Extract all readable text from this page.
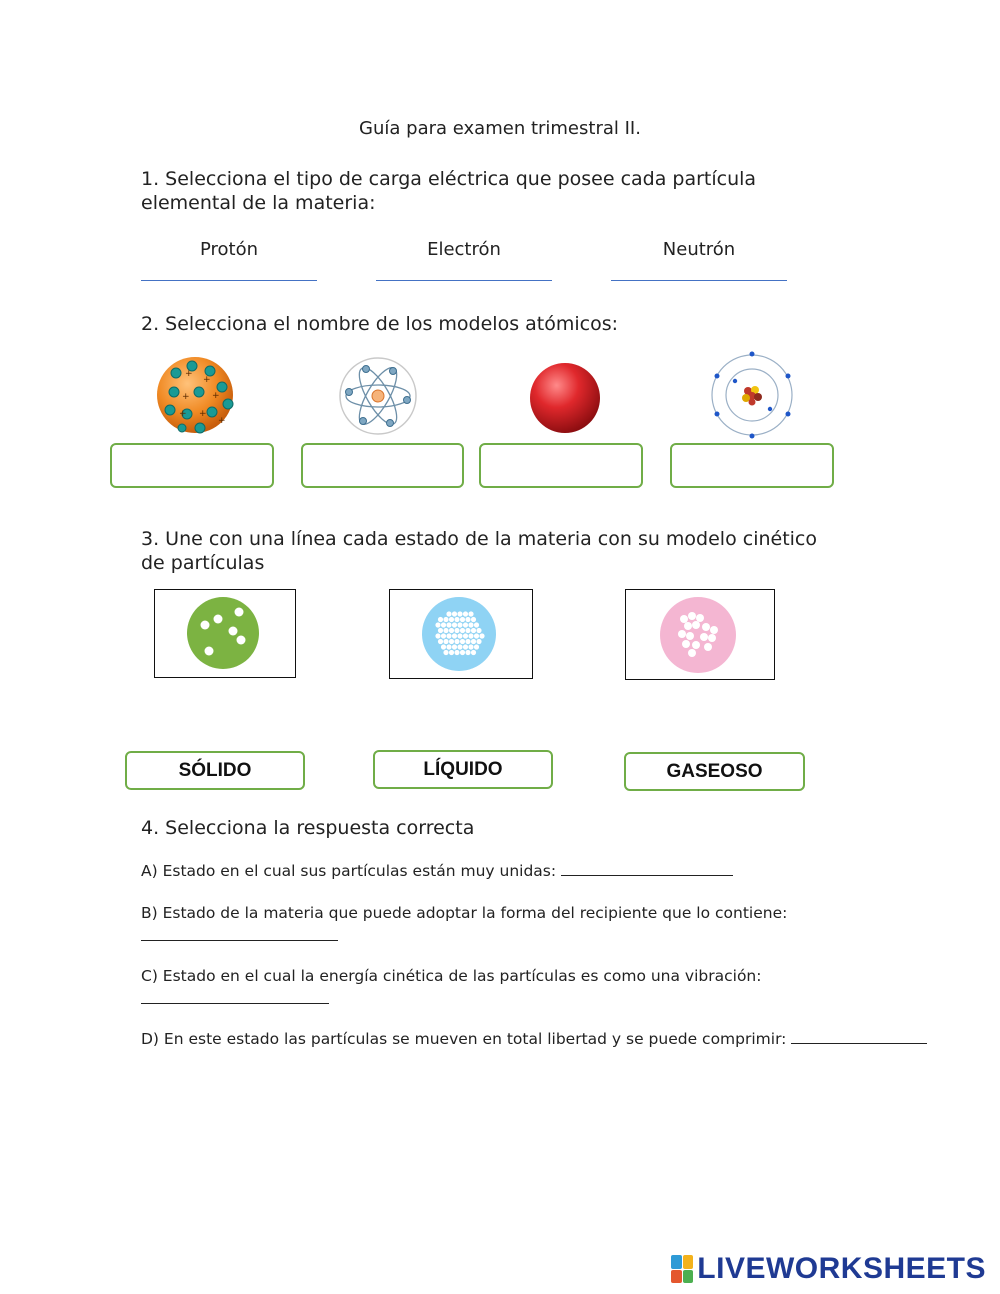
Guía para examen trimestral II.
1. Selecciona el tipo de carga eléctrica que posee cada partícula elemental de la materia:
Protón	Electrón	Neutrón
2. Selecciona el nombre de los modelos atómicos:
+
+
+ +
+ +
+
3. Une con una línea cada estado de la materia con su modelo cinético de partículas
SÓLIDO	LÍQUIDO	GASEOSO
4. Selecciona la respuesta correcta
A) Estado en el cual sus partículas están muy unidas:
B) Estado de la materia que puede adoptar la forma del recipiente que lo contiene:
C) Estado en el cual la energía cinética de las partículas es como una vibración:
D) En este estado las partículas se mueven en total libertad y se puede comprimir:
LIVEWORKSHEETS
